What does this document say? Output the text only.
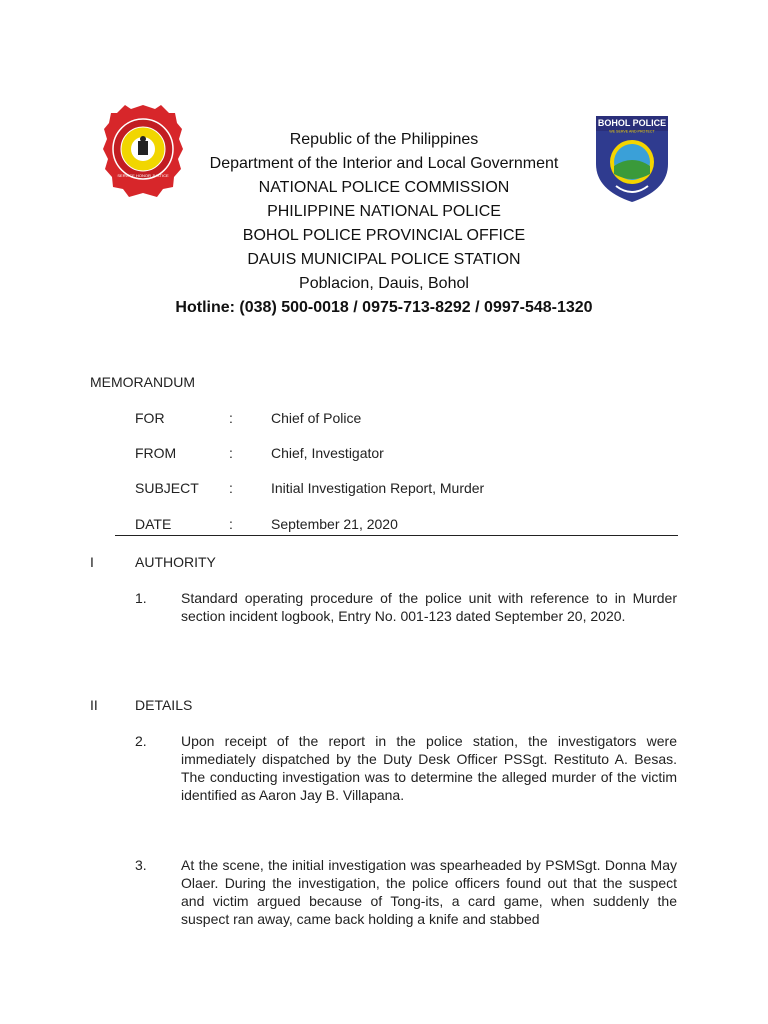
SERVICE HONOR JUSTICE
BOHOL POLICE
WE SERVE AND PROTECT
Republic of the Philippines
Department of the Interior and Local Government
NATIONAL POLICE COMMISSION
PHILIPPINE NATIONAL POLICE
BOHOL POLICE PROVINCIAL OFFICE
DAUIS MUNICIPAL POLICE STATION
Poblacion, Dauis, Bohol
Hotline: (038) 500-0018 / 0975-713-8292 / 0997-548-1320
MEMORANDUM
FOR	:	Chief of Police
FROM	:	Chief, Investigator
SUBJECT :	Initial Investigation Report, Murder
DATE	:	September 21, 2020
I	AUTHORITY
1. Standard operating procedure of the police unit with reference to in Murder section incident logbook, Entry No. 001-123 dated September 20, 2020.
II	DETAILS
2. Upon receipt of the report in the police station, the investigators were immediately dispatched by the Duty Desk Officer PSSgt. Restituto A. Besas. The conducting investigation was to determine the alleged murder of the victim identified as Aaron Jay B. Villapana.
3. At the scene, the initial investigation was spearheaded by PSMSgt. Donna May Olaer. During the investigation, the police officers found out that the suspect and victim argued because of Tong-its, a card game, when suddenly the suspect ran away, came back holding a knife and stabbed
